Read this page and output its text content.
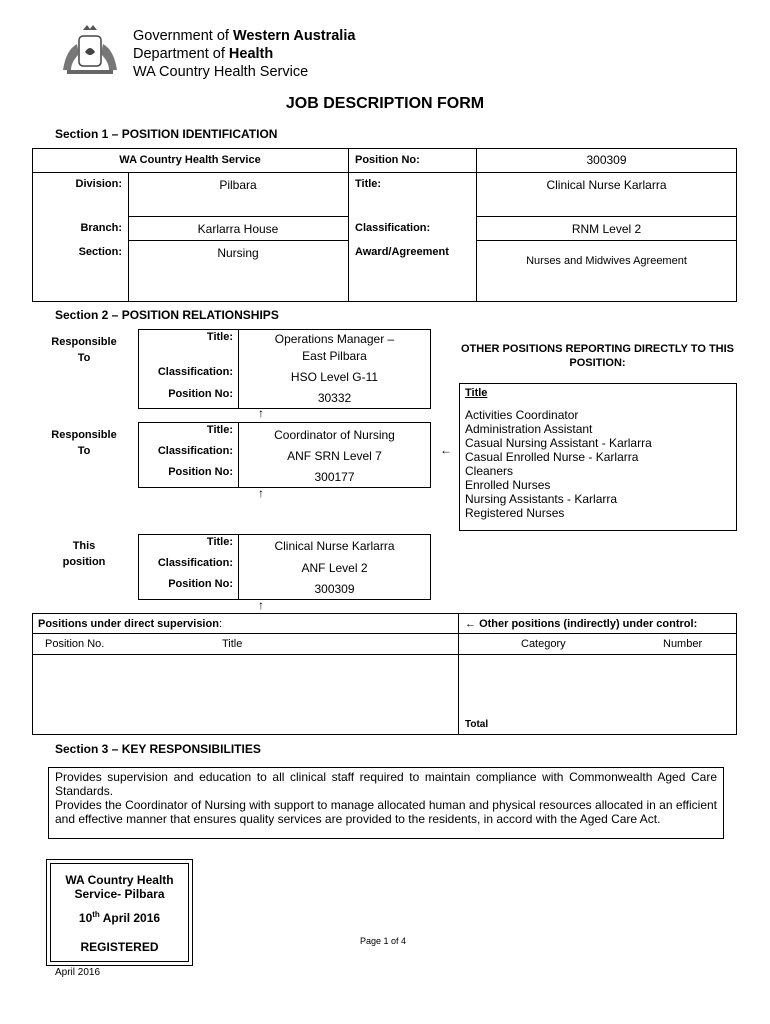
Government of Western Australia
Department of Health
WA Country Health Service
JOB DESCRIPTION FORM
Section 1 – POSITION IDENTIFICATION
WA Country Health Service
Division:	Pilbara
Branch:	Karlarra House
Section:	Nursing
Position No:	300309
Title:	Clinical Nurse Karlarra
Classification:	RNM Level 2
Award/Agreement
Nurses and Midwives Agreement
Section 2 – POSITION RELATIONSHIPS
Responsible
To
Title:	Operations Manager –
East Pilbara
Classification:	HSO Level G-11
Position No:	30332
↑
Responsible
To
Title:	Coordinator of Nursing
Classification:	ANF SRN Level 7
Position No:	300177
←
↑
This
position
Title:	Clinical Nurse Karlarra
Classification:	ANF Level 2
Position No:	300309
↑
OTHER POSITIONS REPORTING DIRECTLY TO THIS POSITION:
Title
Activities Coordinator
Administration Assistant
Casual Nursing Assistant - Karlarra
Casual Enrolled Nurse - Karlarra
Cleaners
Enrolled Nurses
Nursing Assistants - Karlarra
Registered Nurses
Positions under direct supervision:
Position No.	Title
← Other positions (indirectly) under control:
Category	Number
Total
Section 3 – KEY RESPONSIBILITIES
Provides supervision and education to all clinical staff required to maintain compliance with Commonwealth Aged Care Standards.
Provides the Coordinator of Nursing with support to manage allocated human and physical resources allocated in an efficient and effective manner that ensures quality services are provided to the residents, in accord with the Aged Care Act.
WA Country Health
Service- Pilbara
10th April 2016
REGISTERED	Page 1 of 4
April 2016
